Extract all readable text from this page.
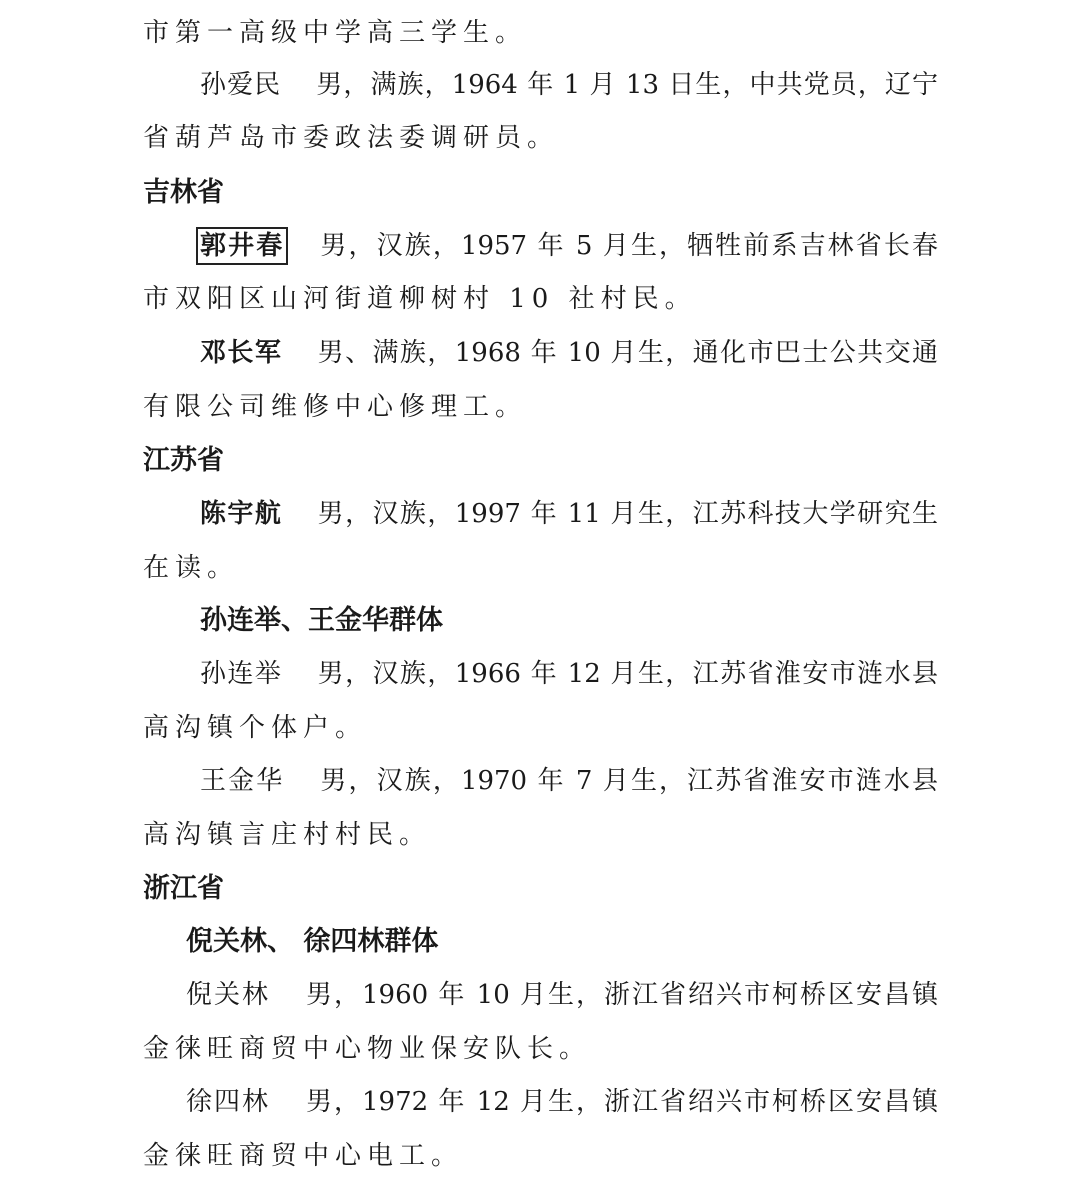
市第一高级中学高三学生。
孙爱民 男，满族，1964 年 1 月 13 日生，中共党员，辽宁
省葫芦岛市委政法委调研员。
吉林省
郭井春 男，汉族，1957 年 5 月生，牺牲前系吉林省长春
市双阳区山河街道柳树村 10 社村民。
邓长军 男、满族，1968 年 10 月生，通化市巴士公共交通
有限公司维修中心修理工。
江苏省
陈宇航 男，汉族，1997 年 11 月生，江苏科技大学研究生
在读。
孙连举、王金华群体
孙连举 男，汉族，1966 年 12 月生，江苏省淮安市涟水县
高沟镇个体户。
王金华 男，汉族，1970 年 7 月生，江苏省淮安市涟水县
高沟镇言庄村村民。
浙江省
倪关林、 徐四林群体
倪关林 男，1960 年 10 月生，浙江省绍兴市柯桥区安昌镇
金徕旺商贸中心物业保安队长。
徐四林 男，1972 年 12 月生，浙江省绍兴市柯桥区安昌镇
金徕旺商贸中心电工。
